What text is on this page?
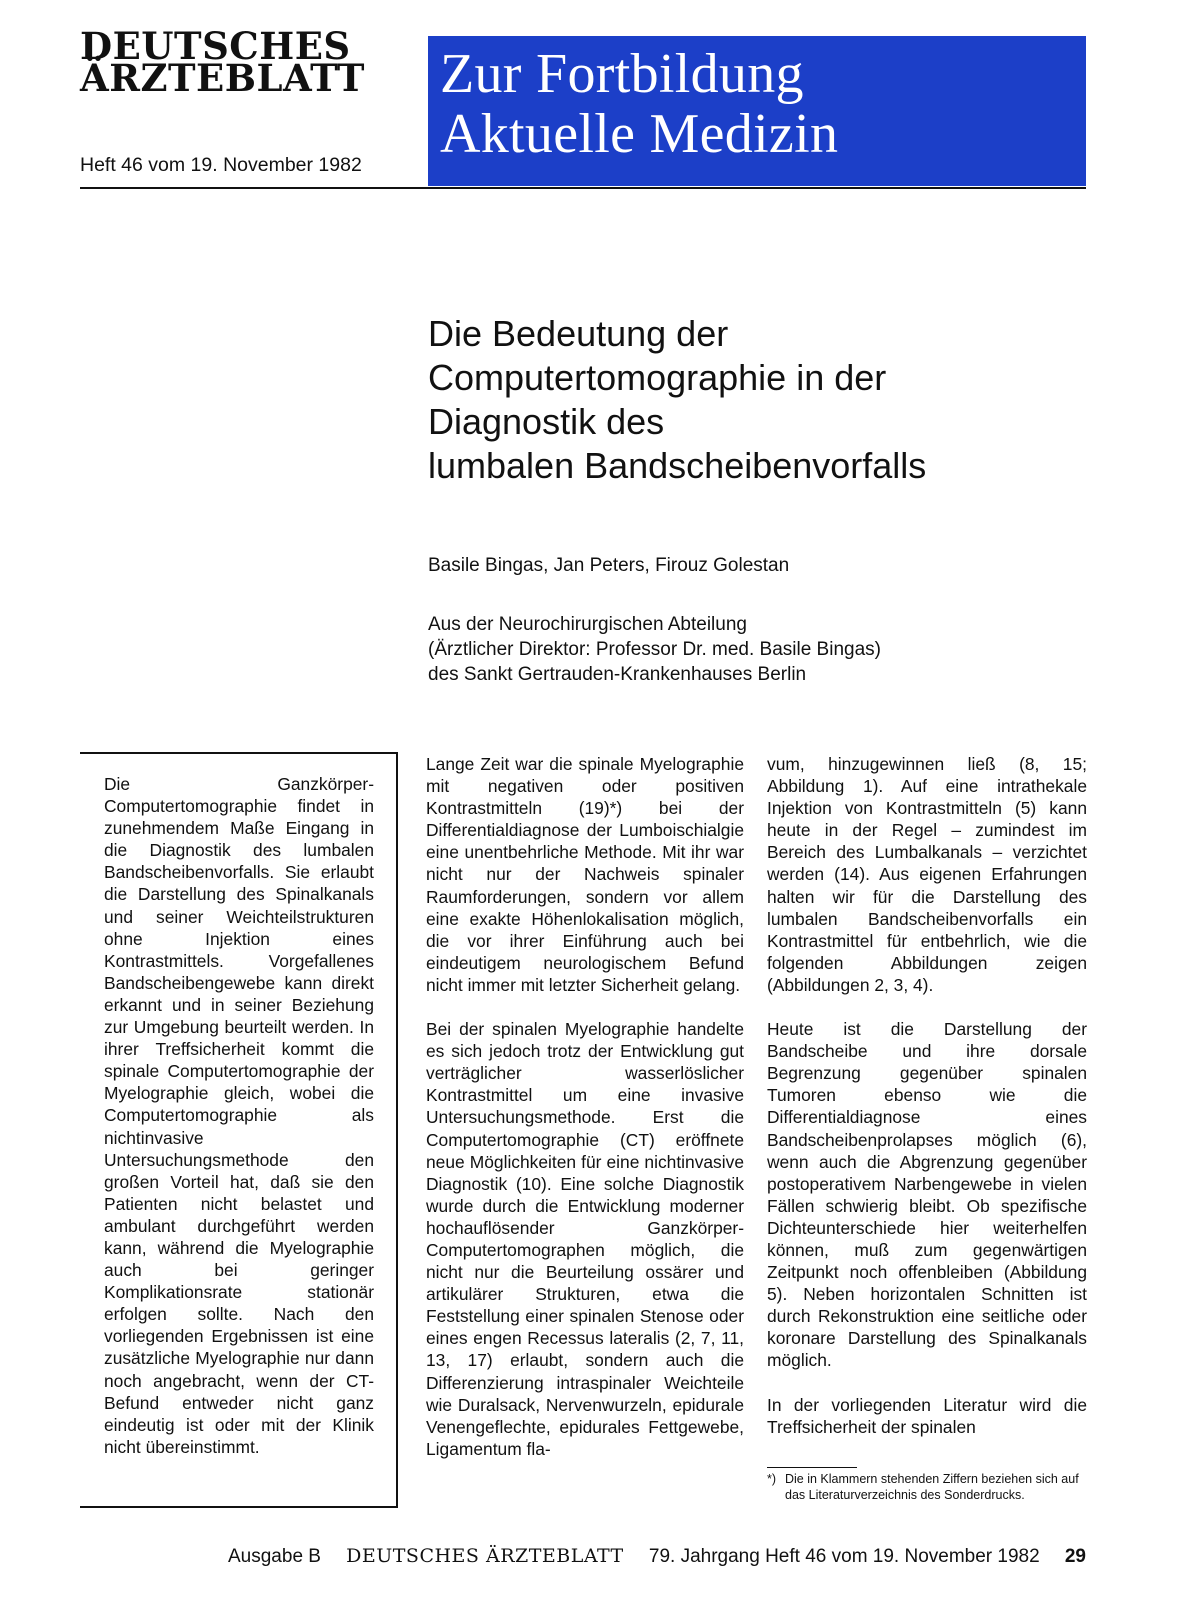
DEUTSCHES
ÄRZTEBLATT
Heft 46 vom 19. November 1982
Zur Fortbildung
Aktuelle Medizin
Die Bedeutung der
Computertomographie in der
Diagnostik des
lumbalen Bandscheibenvorfalls
Basile Bingas, Jan Peters, Firouz Golestan
Aus der Neurochirurgischen Abteilung
(Ärztlicher Direktor: Professor Dr. med. Basile Bingas)
des Sankt Gertrauden-Krankenhauses Berlin
Die Ganzkörper-Computertomographie findet in zunehmendem Maße Eingang in die Diagnostik des lumbalen Bandscheibenvorfalls. Sie erlaubt die Darstellung des Spinalkanals und seiner Weichteilstrukturen ohne Injektion eines Kontrastmittels. Vorgefallenes Bandscheibengewebe kann direkt erkannt und in seiner Beziehung zur Umgebung beurteilt werden. In ihrer Treffsicherheit kommt die spinale Computertomographie der Myelographie gleich, wobei die Computertomographie als nichtinvasive Untersuchungsmethode den großen Vorteil hat, daß sie den Patienten nicht belastet und ambulant durchgeführt werden kann, während die Myelographie auch bei geringer Komplikationsrate stationär erfolgen sollte. Nach den vorliegenden Ergebnissen ist eine zusätzliche Myelographie nur dann noch angebracht, wenn der CT-Befund entweder nicht ganz eindeutig ist oder mit der Klinik nicht übereinstimmt.

Lange Zeit war die spinale Myelographie mit negativen oder positiven Kontrastmitteln (19)*) bei der Differentialdiagnose der Lumboischialgie eine unentbehrliche Methode. Mit ihr war nicht nur der Nachweis spinaler Raumforderungen, sondern vor allem eine exakte Höhenlokalisation möglich, die vor ihrer Einführung auch bei eindeutigem neurologischem Befund nicht immer mit letzter Sicherheit gelang.

Bei der spinalen Myelographie handelte es sich jedoch trotz der Entwicklung gut verträglicher wasserlöslicher Kontrastmittel um eine invasive Untersuchungsmethode. Erst die Computertomographie (CT) eröffnete neue Möglichkeiten für eine nichtinvasive Diagnostik (10). Eine solche Diagnostik wurde durch die Entwicklung moderner hochauflösender Ganzkörper-Computertomographen möglich, die nicht nur die Beurteilung ossärer und artikulärer Strukturen, etwa die Feststellung einer spinalen Stenose oder eines engen Recessus lateralis (2, 7, 11, 13, 17) erlaubt, sondern auch die Differenzierung intraspinaler Weichteile wie Duralsack, Nervenwurzeln, epidurale Venengeflechte, epidurales Fettgewebe, Ligamentum fla-

vum, hinzugewinnen ließ (8, 15; Abbildung 1). Auf eine intrathekale Injektion von Kontrastmitteln (5) kann heute in der Regel – zumindest im Bereich des Lumbalkanals – verzichtet werden (14). Aus eigenen Erfahrungen halten wir für die Darstellung des lumbalen Bandscheibenvorfalls ein Kontrastmittel für entbehrlich, wie die folgenden Abbildungen zeigen (Abbildungen 2, 3, 4).

Heute ist die Darstellung der Bandscheibe und ihre dorsale Begrenzung gegenüber spinalen Tumoren ebenso wie die Differentialdiagnose eines Bandscheibenprolapses möglich (6), wenn auch die Abgrenzung gegenüber postoperativem Narbengewebe in vielen Fällen schwierig bleibt. Ob spezifische Dichteunterschiede hier weiterhelfen können, muß zum gegenwärtigen Zeitpunkt noch offenbleiben (Abbildung 5). Neben horizontalen Schnitten ist durch Rekonstruktion eine seitliche oder koronare Darstellung des Spinalkanals möglich.

In der vorliegenden Literatur wird die Treffsicherheit der spinalen

*) Die in Klammern stehenden Ziffern beziehen sich auf das Literaturverzeichnis des Sonderdrucks.
Ausgabe B DEUTSCHES ÄRZTEBLATT 79. Jahrgang Heft 46 vom 19. November 1982 29
